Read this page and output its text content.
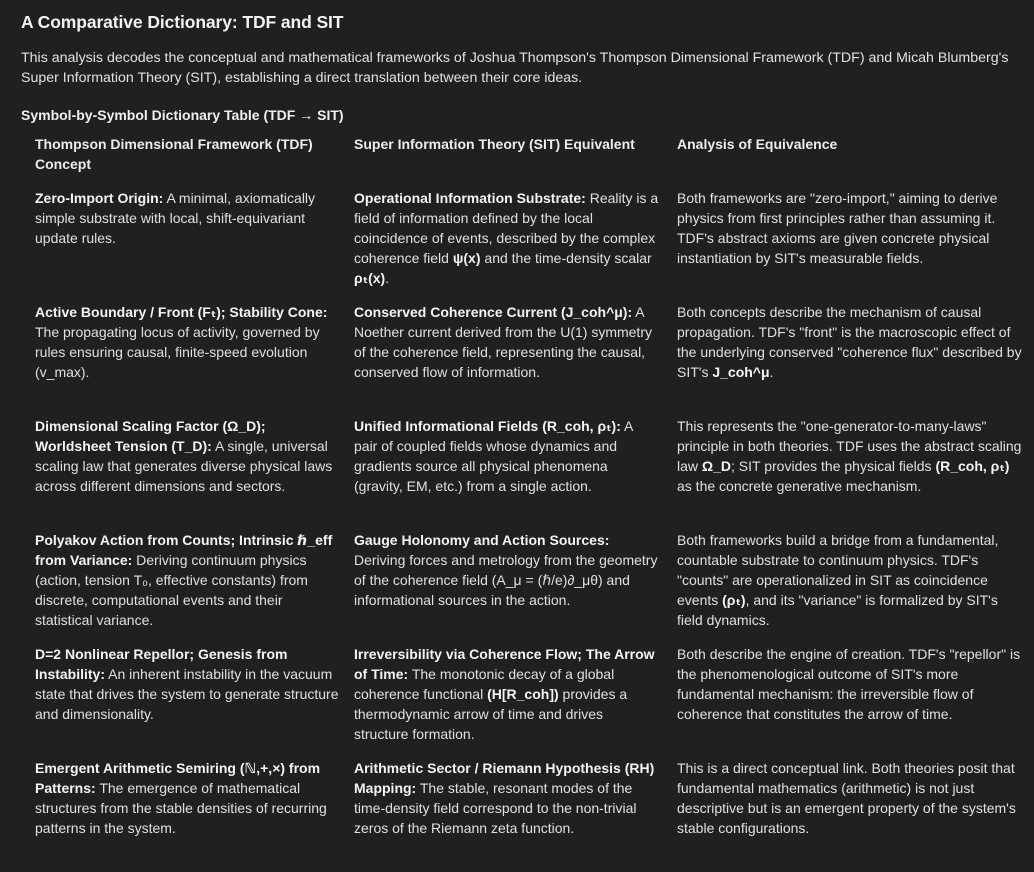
A Comparative Dictionary: TDF and SIT
This analysis decodes the conceptual and mathematical frameworks of Joshua Thompson's Thompson Dimensional Framework (TDF) and Micah Blumberg's Super Information Theory (SIT), establishing a direct translation between their core ideas.
Symbol-by-Symbol Dictionary Table (TDF → SIT)
Thompson Dimensional Framework (TDF) Concept
Super Information Theory (SIT) Equivalent	Analysis of Equivalence
Zero-Import Origin: A minimal, axiomatically simple substrate with local, shift-equivariant update rules.
Operational Information Substrate: Reality is a field of information defined by the local coincidence of events, described by the complex coherence field ψ(x) and the time-density scalar ρₜ(x).
Both frameworks are "zero-import," aiming to derive physics from first principles rather than assuming it. TDF's abstract axioms are given concrete physical instantiation by SIT's measurable fields.
Active Boundary / Front (Fₜ); Stability Cone: The propagating locus of activity, governed by rules ensuring causal, finite-speed evolution (v_max).
Conserved Coherence Current (J_coh^μ): A Noether current derived from the U(1) symmetry of the coherence field, representing the causal, conserved flow of information.
Both concepts describe the mechanism of causal propagation. TDF's "front" is the macroscopic effect of the underlying conserved "coherence flux" described by SIT's J_coh^μ.
Dimensional Scaling Factor (Ω_D); Worldsheet Tension (T_D): A single, universal scaling law that generates diverse physical laws across different dimensions and sectors.
Unified Informational Fields (R_coh, ρₜ): A pair of coupled fields whose dynamics and gradients source all physical phenomena (gravity, EM, etc.) from a single action.
This represents the "one-generator-to-many-laws" principle in both theories. TDF uses the abstract scaling law Ω_D; SIT provides the physical fields (R_coh, ρₜ) as the concrete generative mechanism.
Polyakov Action from Counts; Intrinsic ℏ_eff from Variance: Deriving continuum physics (action, tension T₀, effective constants) from discrete, computational events and their statistical variance.
Gauge Holonomy and Action Sources: Deriving forces and metrology from the geometry of the coherence field (A_μ = (ℏ/e)∂_μθ) and informational sources in the action.
Both frameworks build a bridge from a fundamental, countable substrate to continuum physics. TDF's "counts" are operationalized in SIT as coincidence events (ρₜ), and its "variance" is formalized by SIT's field dynamics.
D=2 Nonlinear Repellor; Genesis from Instability: An inherent instability in the vacuum state that drives the system to generate structure and dimensionality.
Irreversibility via Coherence Flow; The Arrow of Time: The monotonic decay of a global coherence functional (H[R_coh]) provides a thermodynamic arrow of time and drives structure formation.
Both describe the engine of creation. TDF's "repellor" is the phenomenological outcome of SIT's more fundamental mechanism: the irreversible flow of coherence that constitutes the arrow of time.
Emergent Arithmetic Semiring (ℕ,+,×) from Patterns: The emergence of mathematical structures from the stable densities of recurring patterns in the system.
Arithmetic Sector / Riemann Hypothesis (RH) Mapping: The stable, resonant modes of the time-density field correspond to the non-trivial zeros of the Riemann zeta function.
This is a direct conceptual link. Both theories posit that fundamental mathematics (arithmetic) is not just descriptive but is an emergent property of the system's stable configurations.
